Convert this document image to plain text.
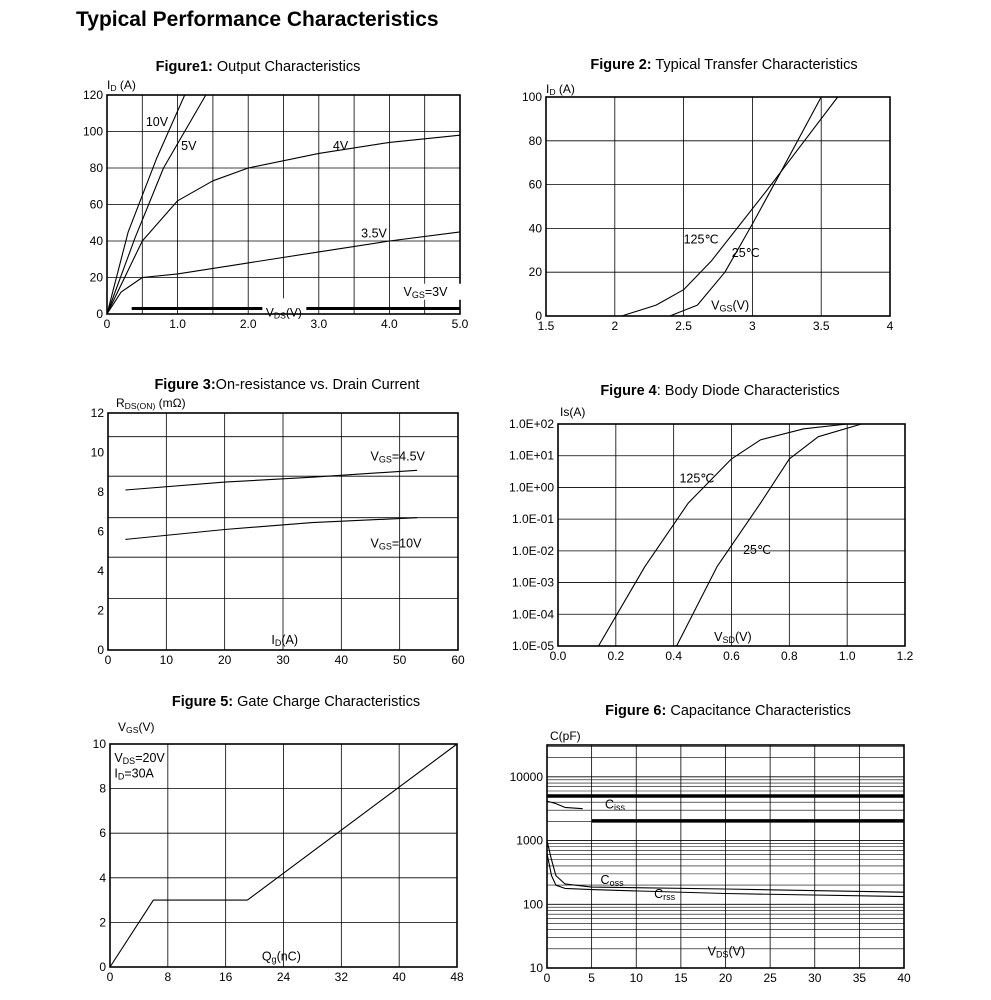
Typical Performance Characteristics
Figure1: Output Characteristics
0	1.0	2.0	3.0	4.0	5.0
0
20
40
60
80
100
120
ID (A)
10V
5V	4V
3.5V
VGS=3V
VDS(V)
Figure 2: Typical Transfer Characteristics
1.5	2	2.5	3	3.5	4
0
20
40
60
80
100
ID (A)
125℃
25℃
VGS(V)
Figure 3:On-resistance vs. Drain Current
0	10	20	30	40	50	60
0
2
4
6
8
10
12
RDS(ON) (mΩ)
VGS=4.5V
VGS=10V
ID(A)
Figure 4: Body Diode Characteristics
0.0	0.2	0.4	0.6	0.8	1.0	1.2
1.0E-05
1.0E-04
1.0E-03
1.0E-02
1.0E-01
1.0E+00
1.0E+01
1.0E+02
Is(A)
125℃
25℃
VSD(V)
Figure 5: Gate Charge Characteristics
0	8	16	24	32	40	48
0
2
4
6
8
10
VGS(V)
VDS=20V
ID=30A
Qg(nC)
Figure 6: Capacitance Characteristics
0	5	10	15	20	25	30	35	40
10
100
1000
10000
C(pF)
Ciss
Coss
Crss
VDS(V)
